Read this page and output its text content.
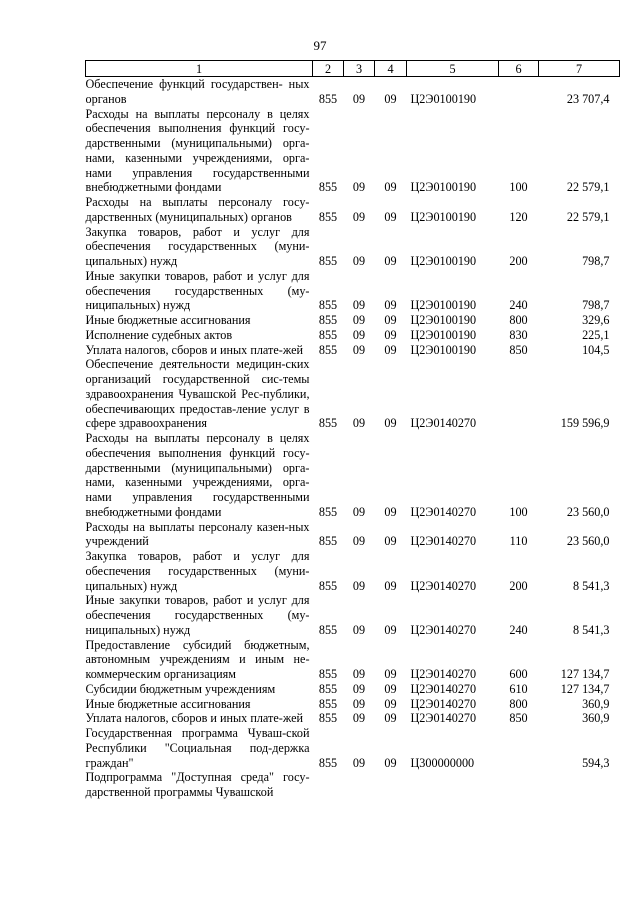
97
1	2	3	4	5	6	7
Обеспечение функций государствен- ных органов	855	09	09	Ц2Э0100190		23 707,4
Расходы на выплаты персоналу в целях обеспечения выполнения функций госу-дарственными (муниципальными) орга-нами, казенными учреждениями, орга-нами управления государственными внебюджетными фондами	855	09	09	Ц2Э0100190	100	22 579,1
Расходы на выплаты персоналу госу-дарственных (муниципальных) органов	855	09	09	Ц2Э0100190	120	22 579,1
Закупка товаров, работ и услуг для обеспечения государственных (муни-ципальных) нужд	855	09	09	Ц2Э0100190	200	798,7
Иные закупки товаров, работ и услуг для обеспечения государственных (му-ниципальных) нужд	855	09	09	Ц2Э0100190	240	798,7
Иные бюджетные ассигнования	855	09	09	Ц2Э0100190	800	329,6
Исполнение судебных актов	855	09	09	Ц2Э0100190	830	225,1
Уплата налогов, сборов и иных плате-жей	855	09	09	Ц2Э0100190	850	104,5
Обеспечение деятельности медицин-ских организаций государственной сис-темы здравоохранения Чувашской Рес-публики, обеспечивающих предостав-ление услуг в сфере здравоохранения	855	09	09	Ц2Э0140270		159 596,9
Расходы на выплаты персоналу в целях обеспечения выполнения функций госу-дарственными (муниципальными) орга-нами, казенными учреждениями, орга-нами управления государственными внебюджетными фондами	855	09	09	Ц2Э0140270	100	23 560,0
Расходы на выплаты персоналу казен-ных учреждений	855	09	09	Ц2Э0140270	110	23 560,0
Закупка товаров, работ и услуг для обеспечения государственных (муни-ципальных) нужд	855	09	09	Ц2Э0140270	200	8 541,3
Иные закупки товаров, работ и услуг для обеспечения государственных (му-ниципальных) нужд	855	09	09	Ц2Э0140270	240	8 541,3
Предоставление субсидий бюджетным, автономным учреждениям и иным не-коммерческим организациям	855	09	09	Ц2Э0140270	600	127 134,7
Субсидии бюджетным учреждениям	855	09	09	Ц2Э0140270	610	127 134,7
Иные бюджетные ассигнования	855	09	09	Ц2Э0140270	800	360,9
Уплата налогов, сборов и иных плате-жей	855	09	09	Ц2Э0140270	850	360,9
Государственная программа Чуваш-ской Республики "Социальная под-держка граждан"	855	09	09	Ц300000000		594,3
Подпрограмма "Доступная среда" госу-дарственной программы Чувашской						
